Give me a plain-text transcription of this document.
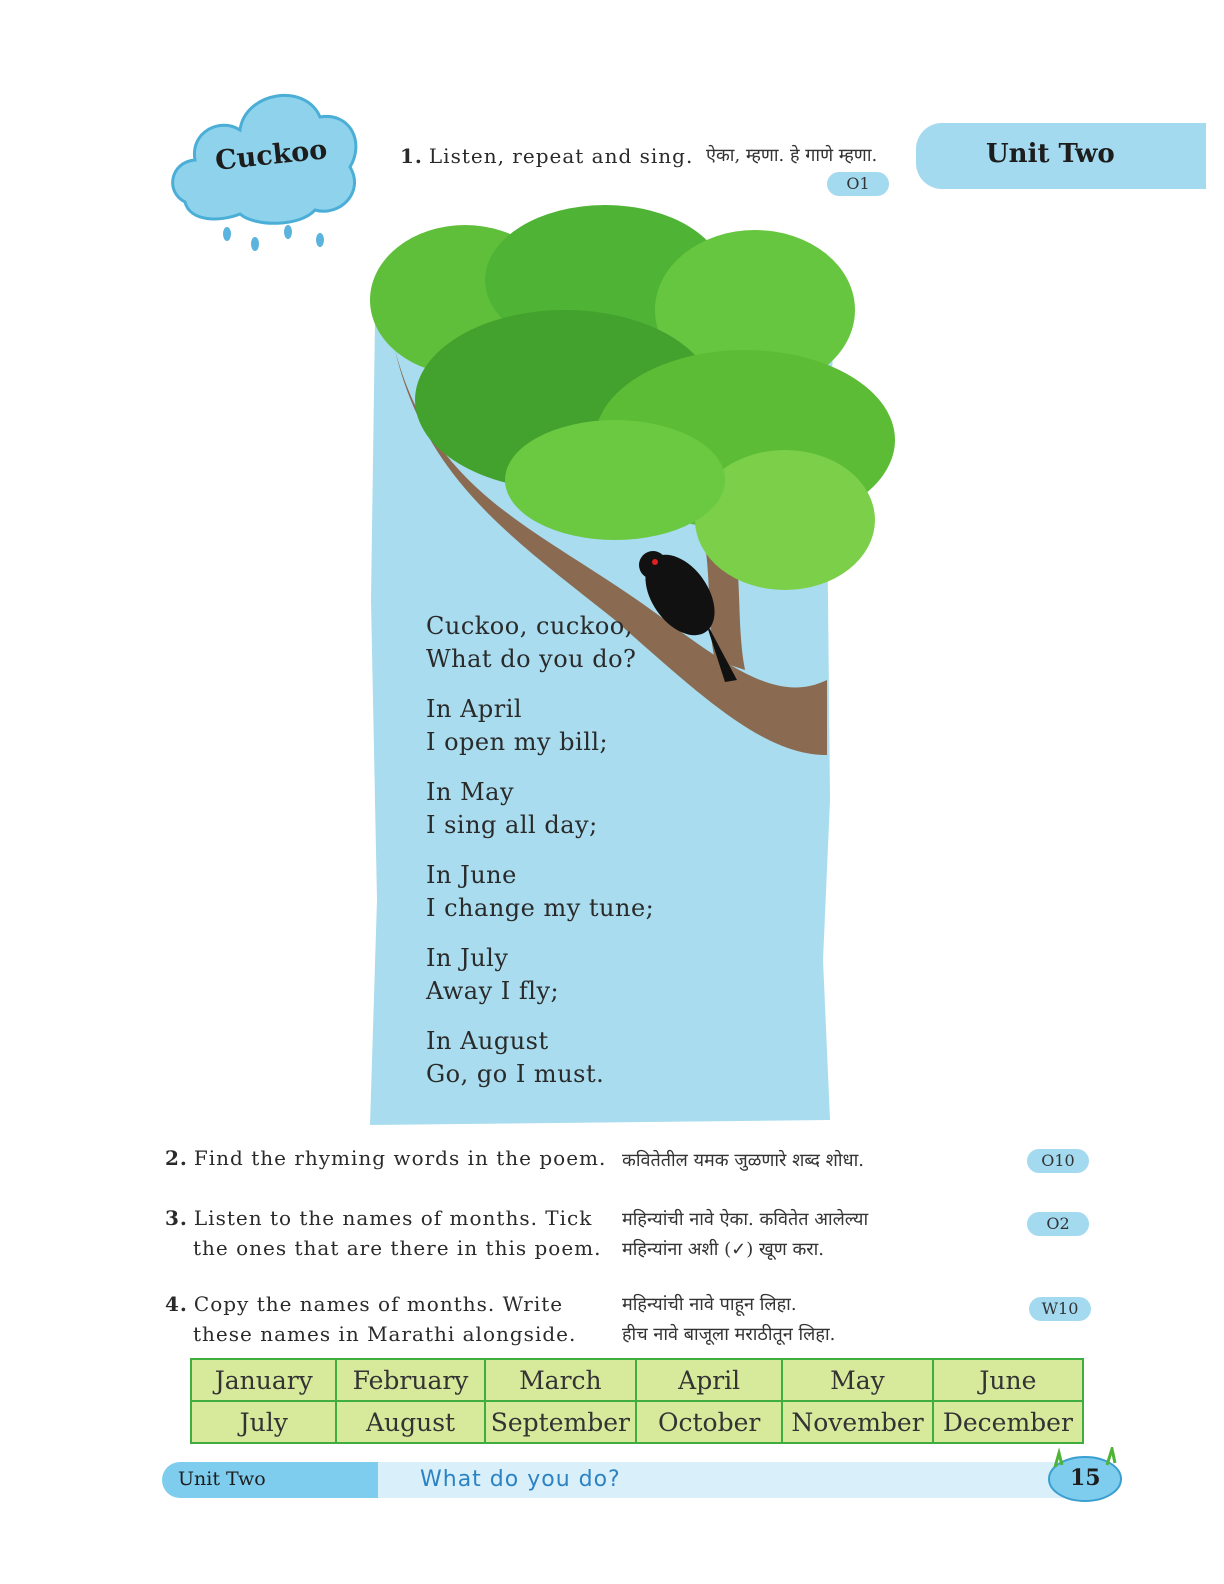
Cuckoo	Unit Two
1. Listen, repeat and sing. ऐका, म्हणा. हे गाणे म्हणा.
O1
Cuckoo, cuckoo,
What do you do?
In April
I open my bill;
In May
I sing all day;
In June
I change my tune;
In July
Away I fly;
In August
Go, go I must.
2. Find the rhyming words in the poem. कवितेतील यमक जुळणारे शब्द शोधा.	O10
3. Listen to the names of months. Tick
the ones that are there in this poem.
महिन्यांची नावे ऐका. कवितेत आलेल्या
महिन्यांना अशी (✓) खूण करा.
O2
4. Copy the names of months. Write
these names in Marathi alongside.
महिन्यांची नावे पाहून लिहा.
हीच नावे बाजूला मराठीतून लिहा.
W10
January	February	March	April	May	June
July	August	September	October	November	December
Unit Two	What do you do?	15
